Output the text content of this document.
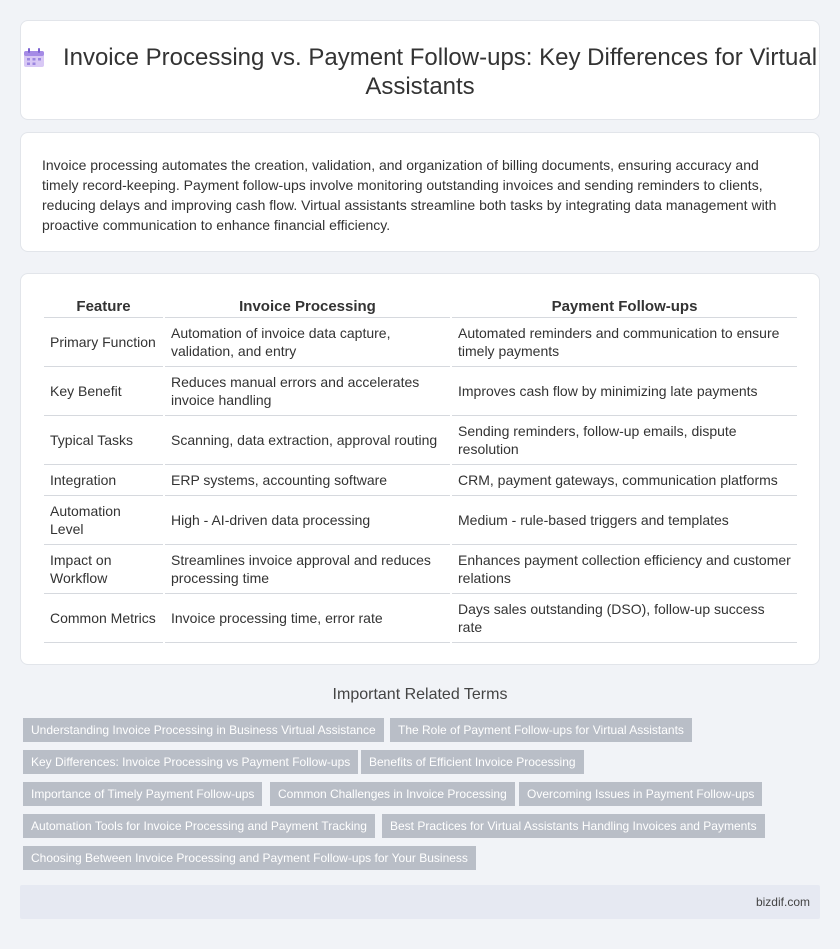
Invoice Processing vs. Payment Follow-ups: Key Differences for Virtual Assistants

Invoice processing automates the creation, validation, and organization of billing documents, ensuring accuracy and timely record-keeping. Payment follow-ups involve monitoring outstanding invoices and sending reminders to clients, reducing delays and improving cash flow. Virtual assistants streamline both tasks by integrating data management with proactive communication to enhance financial efficiency.

Feature	Invoice Processing	Payment Follow-ups
Primary Function	Automation of invoice data capture, validation, and entry	Automated reminders and communication to ensure timely payments
Key Benefit	Reduces manual errors and accelerates invoice handling	Improves cash flow by minimizing late payments
Typical Tasks	Scanning, data extraction, approval routing	Sending reminders, follow-up emails, dispute resolution
Integration	ERP systems, accounting software	CRM, payment gateways, communication platforms
Automation Level	High - AI-driven data processing	Medium - rule-based triggers and templates
Impact on Workflow	Streamlines invoice approval and reduces processing time	Enhances payment collection efficiency and customer relations
Common Metrics	Invoice processing time, error rate	Days sales outstanding (DSO), follow-up success rate
Important Related Terms
Understanding Invoice Processing in Business Virtual Assistance	The Role of Payment Follow-ups for Virtual Assistants
Key Differences: Invoice Processing vs Payment Follow-ups	Benefits of Efficient Invoice Processing
Importance of Timely Payment Follow-ups	Common Challenges in Invoice Processing	Overcoming Issues in Payment Follow-ups
Automation Tools for Invoice Processing and Payment Tracking	Best Practices for Virtual Assistants Handling Invoices and Payments
Choosing Between Invoice Processing and Payment Follow-ups for Your Business
bizdif.com
